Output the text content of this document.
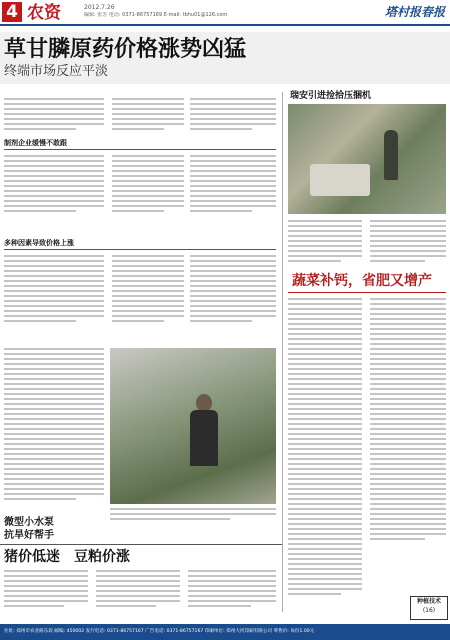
4 农资	2012.7.26
编辑: 张芳 电话: 0371-86757169 E-mail: tbhu01@126.com	塔村报春报
草甘膦原药价格涨势凶猛
终端市场反应平淡
制剂企业缓慢不敢跟
多种因素导致价格上涨
瑞安引进捡拾压捆机
蔬菜补钙，省肥又增产
微型小水泵
抗旱好帮手
猪价低迷　豆粕价涨
种植技术
(16)
社址: 郑州市农业路东段 邮编: 450002 发行电话: 0371-86757167 广告电话: 0371-86757167 印刷单位: 郑州大河印刷有限公司 零售价: 每份1.00元
